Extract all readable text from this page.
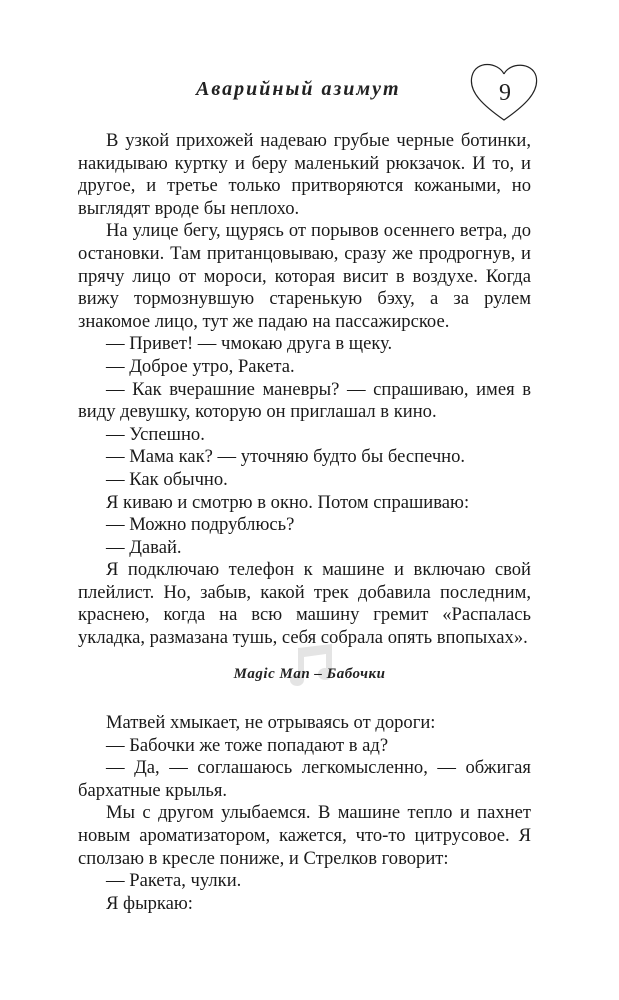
Аварийный азимут	9

В узкой прихожей надеваю грубые черные ботинки, накидываю куртку и беру маленький рюкзачок. И то, и другое, и третье только притворяются кожаными, но выглядят вроде бы неплохо.

На улице бегу, щурясь от порывов осеннего ветра, до остановки. Там пританцовываю, сразу же продрогнув, и прячу лицо от мороси, которая висит в воздухе. Когда вижу тормознувшую старенькую бэху, а за рулем знакомое лицо, тут же падаю на пассажирское.

— Привет! — чмокаю друга в щеку.

— Доброе утро, Ракета.

— Как вчерашние маневры? — спрашиваю, имея в виду девушку, которую он приглашал в кино.

— Успешно.

— Мама как? — уточняю будто бы беспечно.

— Как обычно.

Я киваю и смотрю в окно. Потом спрашиваю:

— Можно подрублюсь?

— Давай.

Я подключаю телефон к машине и включаю свой плейлист. Но, забыв, какой трек добавила последним, краснею, когда на всю машину гремит «Распалась укладка, размазана тушь, себя собрала опять впопыхах».

Magic Man – Бабочки

Матвей хмыкает, не отрываясь от дороги:

— Бабочки же тоже попадают в ад?

— Да, — соглашаюсь легкомысленно, — обжигая бархатные крылья.

Мы с другом улыбаемся. В машине тепло и пахнет новым ароматизатором, кажется, что-то цитрусовое. Я сползаю в кресле пониже, и Стрелков говорит:

— Ракета, чулки.

Я фыркаю:
